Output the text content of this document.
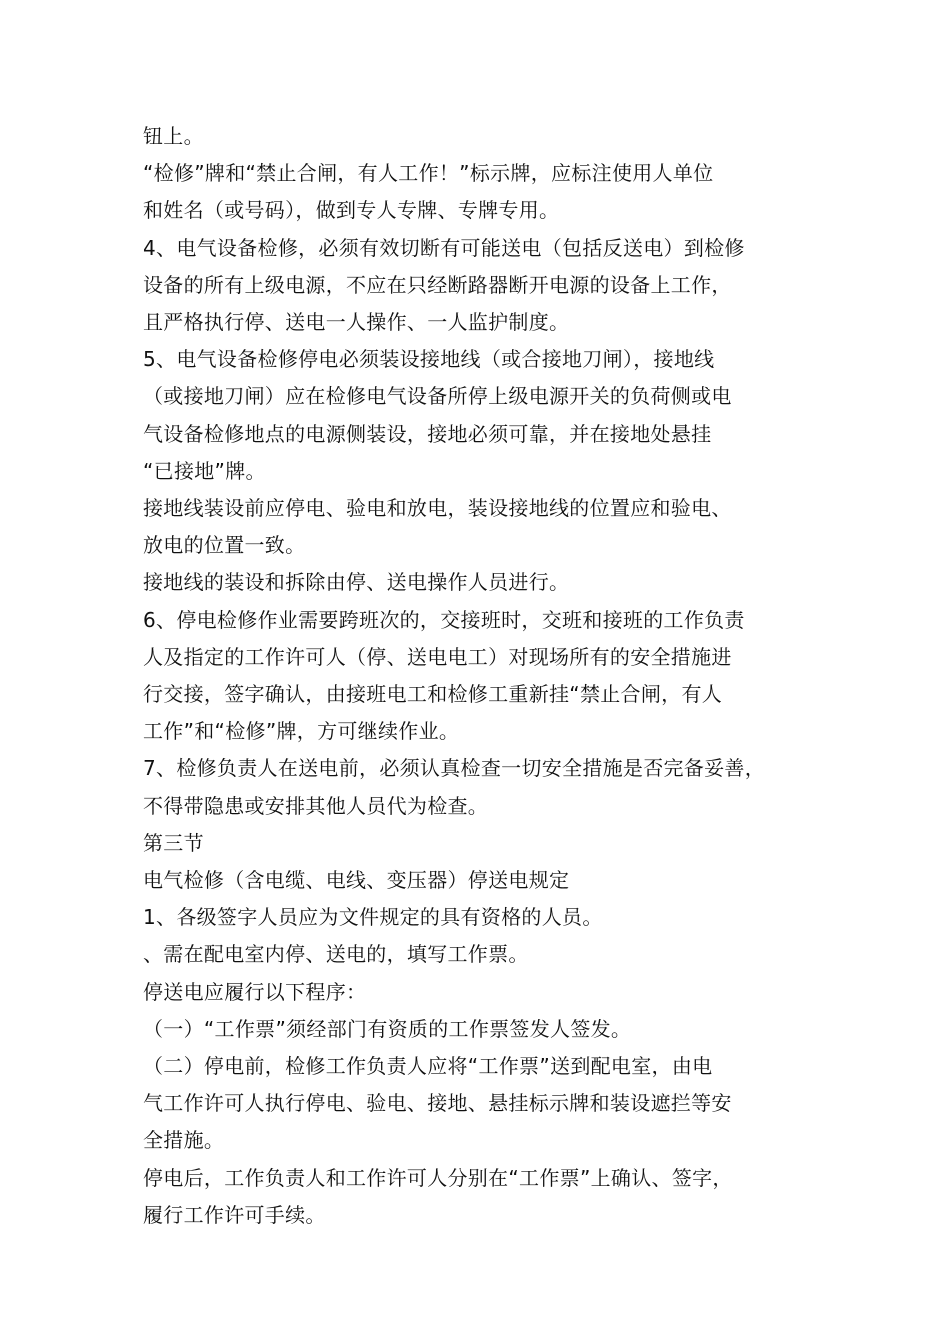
钮上。
“检修”牌和“禁止合闸，有人工作！”标示牌，应标注使用人单位
和姓名（或号码），做到专人专牌、专牌专用。
4、电气设备检修，必须有效切断有可能送电（包括反送电）到检修
设备的所有上级电源，不应在只经断路器断开电源的设备上工作，
且严格执行停、送电一人操作、一人监护制度。
5、电气设备检修停电必须装设接地线（或合接地刀闸），接地线
（或接地刀闸）应在检修电气设备所停上级电源开关的负荷侧或电
气设备检修地点的电源侧装设，接地必须可靠，并在接地处悬挂
“已接地”牌。
接地线装设前应停电、验电和放电，装设接地线的位置应和验电、
放电的位置一致。
接地线的装设和拆除由停、送电操作人员进行。
6、停电检修作业需要跨班次的，交接班时，交班和接班的工作负责
人及指定的工作许可人（停、送电电工）对现场所有的安全措施进
行交接，签字确认，由接班电工和检修工重新挂“禁止合闸，有人
工作”和“检修”牌，方可继续作业。
7、检修负责人在送电前，必须认真检查一切安全措施是否完备妥善，
不得带隐患或安排其他人员代为检查。
第三节
电气检修（含电缆、电线、变压器）停送电规定
1、各级签字人员应为文件规定的具有资格的人员。
、需在配电室内停、送电的，填写工作票。
停送电应履行以下程序：
（一）“工作票”须经部门有资质的工作票签发人签发。
（二）停电前，检修工作负责人应将“工作票”送到配电室，由电
气工作许可人执行停电、验电、接地、悬挂标示牌和装设遮拦等安
全措施。
停电后，工作负责人和工作许可人分别在“工作票”上确认、签字，
履行工作许可手续。
